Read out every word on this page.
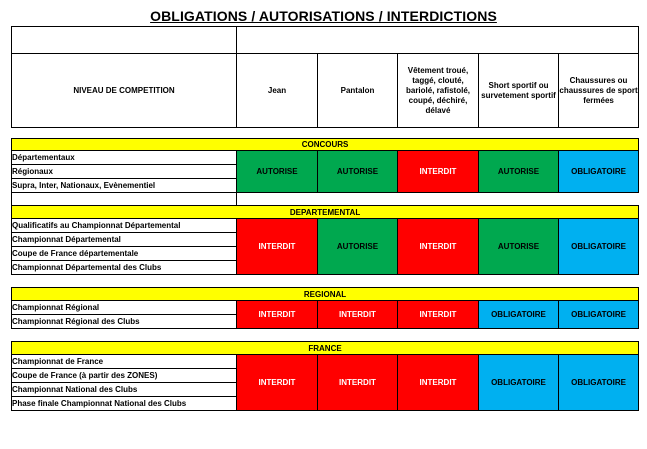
OBLIGATIONS / AUTORISATIONS / INTERDICTIONS

NIVEAU DE COMPETITION	Jean	Pantalon	Vêtement troué, taggé, clouté, bariolé, rafistolé, coupé, déchiré, délavé	Short sportif ou survetement sportif	Chaussures ou chaussures de sport fermées

CONCOURS					
Départementaux	AUTORISE	AUTORISE	INTERDIT	AUTORISE	OBLIGATOIRE
Régionaux					
Supra, Inter, Nationaux, Evènementiel					

DEPARTEMENTAL					
Qualificatifs au Championnat Départemental	INTERDIT	AUTORISE	INTERDIT	AUTORISE	OBLIGATOIRE
Championnat Départemental					
Coupe de France départementale					
Championnat Départemental des Clubs					

REGIONAL					
Championnat Régional	INTERDIT	INTERDIT	INTERDIT	OBLIGATOIRE	OBLIGATOIRE
Championnat Régional des Clubs					

FRANCE					
Championnat de France	INTERDIT	INTERDIT	INTERDIT	OBLIGATOIRE	OBLIGATOIRE
Coupe de France (à partir des ZONES)					
Championnat National des Clubs					
Phase finale Championnat National des Clubs					
